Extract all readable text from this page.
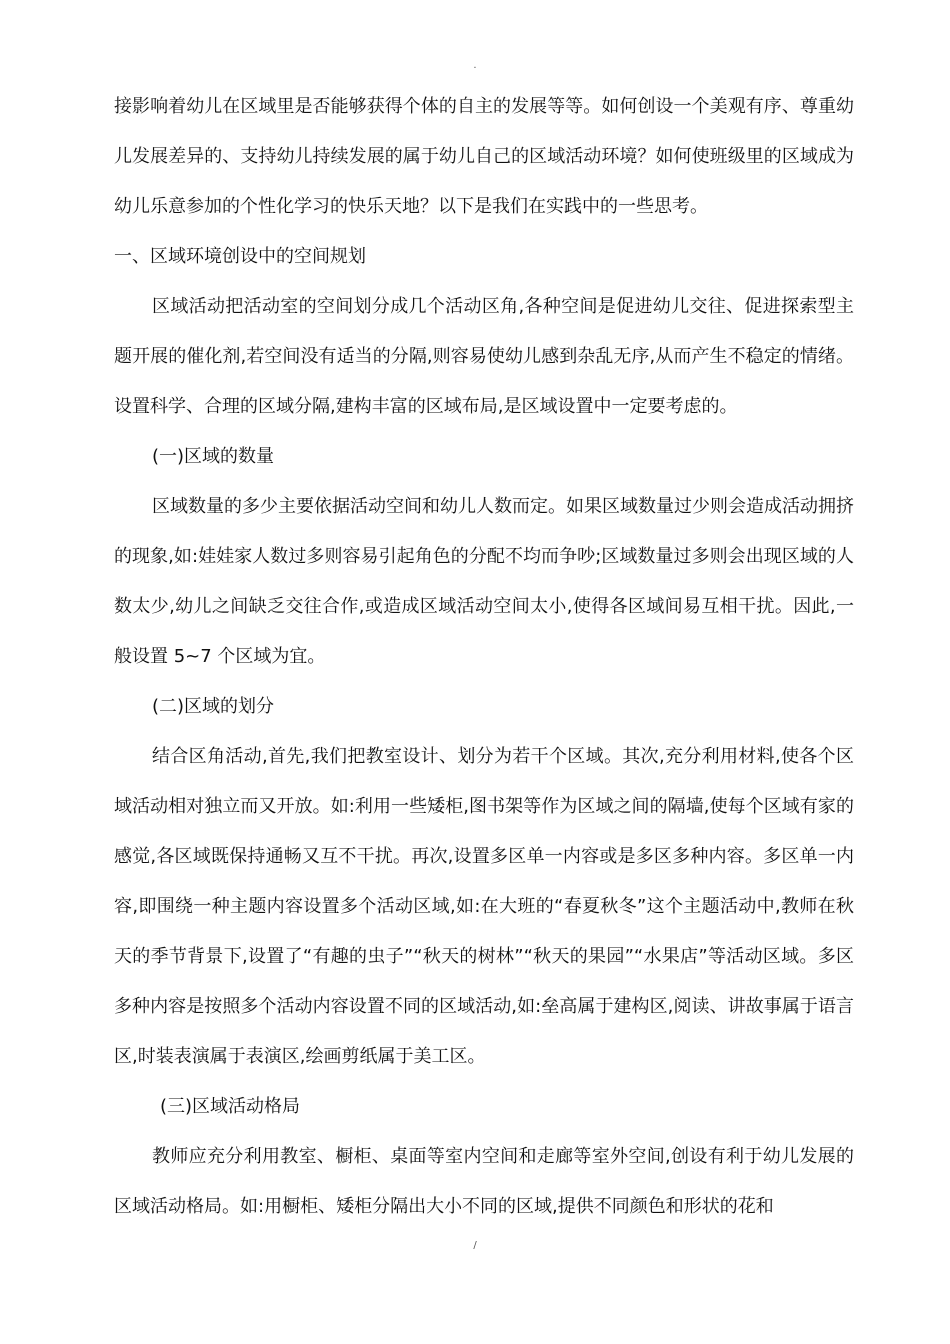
.

接影响着幼儿在区域里是否能够获得个体的自主的发展等等。如何创设一个美观有序、尊重幼儿发展差异的、支持幼儿持续发展的属于幼儿自己的区域活动环境？如何使班级里的区域成为幼儿乐意参加的个性化学习的快乐天地？以下是我们在实践中的一些思考。

一、区域环境创设中的空间规划

区域活动把活动室的空间划分成几个活动区角,各种空间是促进幼儿交往、促进探索型主题开展的催化剂,若空间没有适当的分隔,则容易使幼儿感到杂乱无序,从而产生不稳定的情绪。设置科学、合理的区域分隔,建构丰富的区域布局,是区域设置中一定要考虑的。

(一)区域的数量

区域数量的多少主要依据活动空间和幼儿人数而定。如果区域数量过少则会造成活动拥挤的现象,如:娃娃家人数过多则容易引起角色的分配不均而争吵;区域数量过多则会出现区域的人数太少,幼儿之间缺乏交往合作,或造成区域活动空间太小,使得各区域间易互相干扰。因此,一般设置 5~7 个区域为宜。

(二)区域的划分

结合区角活动,首先,我们把教室设计、划分为若干个区域。其次,充分利用材料,使各个区域活动相对独立而又开放。如:利用一些矮柜,图书架等作为区域之间的隔墙,使每个区域有家的感觉,各区域既保持通畅又互不干扰。再次,设置多区单一内容或是多区多种内容。多区单一内容,即围绕一种主题内容设置多个活动区域,如:在大班的“春夏秋冬”这个主题活动中,教师在秋天的季节背景下,设置了“有趣的虫子”“秋天的树林”“秋天的果园”“水果店”等活动区域。多区多种内容是按照多个活动内容设置不同的区域活动,如:垒高属于建构区,阅读、讲故事属于语言区,时装表演属于表演区,绘画剪纸属于美工区。

(三)区域活动格局

教师应充分利用教室、橱柜、桌面等室内空间和走廊等室外空间,创设有利于幼儿发展的区域活动格局。如:用橱柜、矮柜分隔出大小不同的区域,提供不同颜色和形状的花和

/
